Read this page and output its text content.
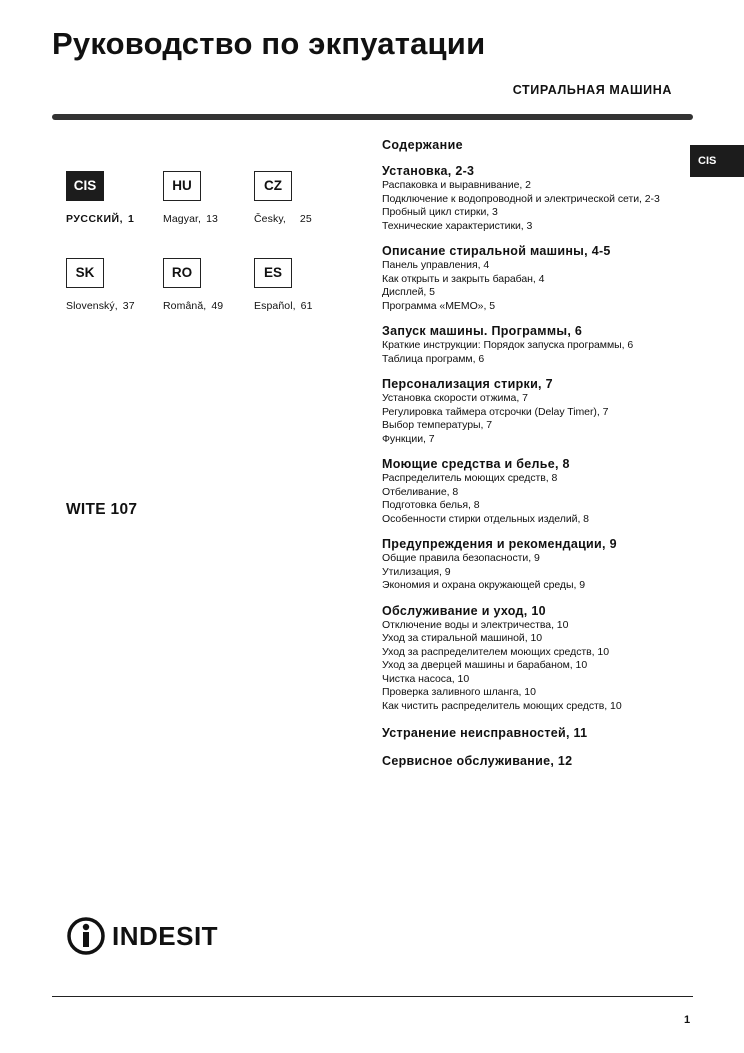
Руководство по экпуатации
СТИРАЛЬНАЯ МАШИНА
CIS
CIS
РУССКИЙ, 1
HU
Magyar, 13
CZ
Česky, 25
SK
Slovenský, 37
RO
Română, 49
ES
Español, 61
WITE 107
Содержание
Установка, 2-3
Распаковка и выравнивание, 2
Подключение к водопроводной и электрической сети, 2-3
Пробный цикл стирки, 3
Технические характеристики, 3
Описание стиральной машины, 4-5
Панель управления, 4
Как открыть и закрыть барабан, 4
Дисплей, 5
Программа «MEMO», 5
Запуск машины. Программы, 6
Краткие инструкции: Порядок запуска программы, 6
Таблица программ, 6
Персонализация стирки, 7
Установка скорости отжима, 7
Регулировка таймера отсрочки (Delay Timer), 7
Выбор температуры, 7
Функции, 7
Моющие средства и белье, 8
Распределитель моющих средств, 8
Отбеливание, 8
Подготовка белья, 8
Особенности стирки отдельных изделий, 8
Предупреждения и рекомендации, 9
Общие правила безопасности, 9
Утилизация, 9
Экономия и охрана окружающей среды, 9
Обслуживание и уход, 10
Отключение воды и электричества, 10
Уход за стиральной машиной, 10
Уход за распределителем моющих средств, 10
Уход за дверцей машины и барабаном, 10
Чистка насоса, 10
Проверка заливного шланга, 10
Как чистить распределитель моющих средств, 10
Устранение неисправностей, 11
Сервисное обслуживание, 12
INDESIT
1
